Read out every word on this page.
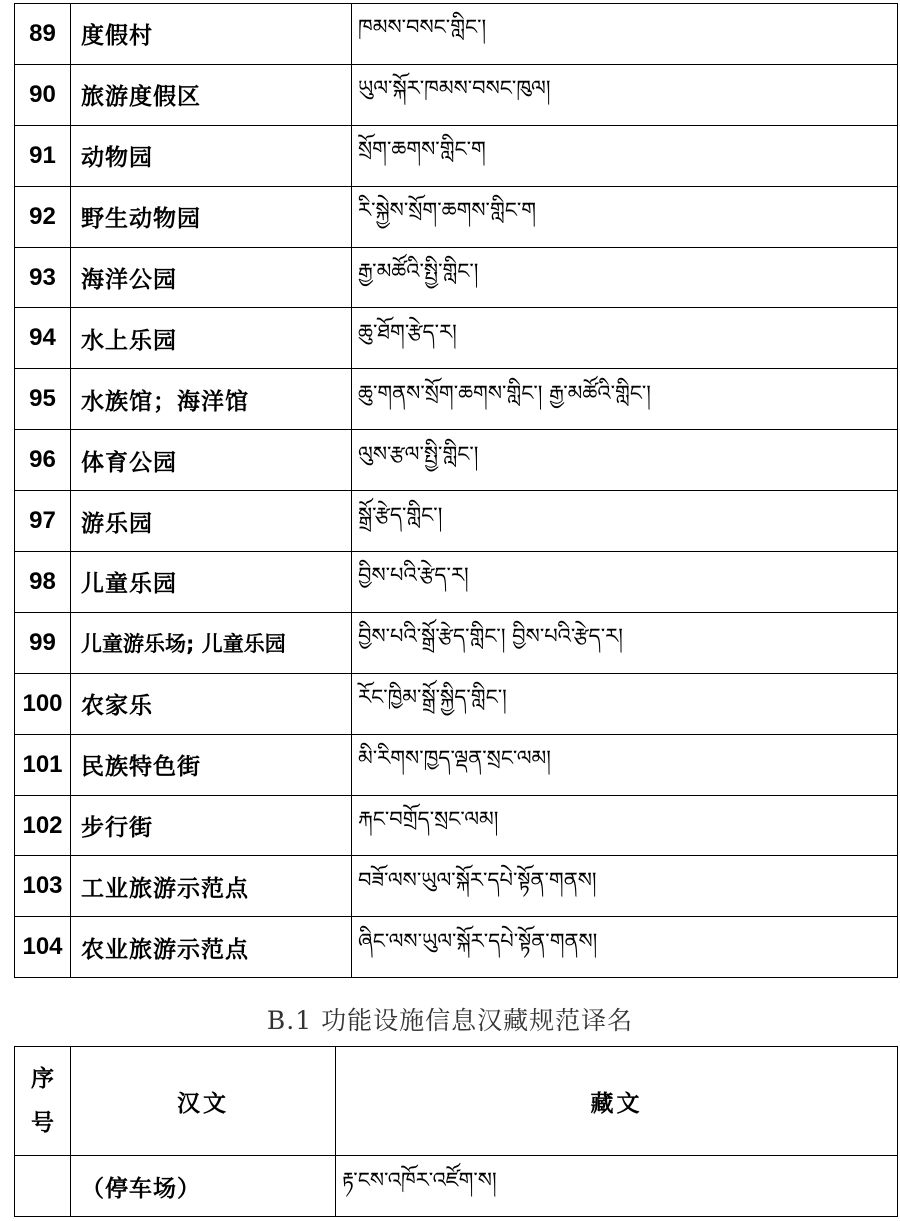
89	度假村	ཁམས་བསང་གླིང་།
90	旅游度假区	ཡུལ་སྐོར་ཁམས་བསང་ཁུལ།
91	动物园	སྲོག་ཆགས་གླིང་ག
92	野生动物园	རི་སྐྱེས་སྲོག་ཆགས་གླིང་ག
93	海洋公园	རྒྱ་མཚོའི་སྤྱི་གླིང་།
94	水上乐园	ཆུ་ཐོག་རྩེད་ར།
95	水族馆；海洋馆	ཆུ་གནས་སྲོག་ཆགས་གླིང་། རྒྱ་མཚོའི་གླིང་།
96	体育公园	ལུས་རྩལ་སྤྱི་གླིང་།
97	游乐园	སྒྲོ་རྩེད་གླིང་།
98	儿童乐园	བྱིས་པའི་རྩེད་ར།
99	儿童游乐场; 儿童乐园	བྱིས་པའི་སྒྲོ་རྩེད་གླིང་། བྱིས་པའི་རྩེད་ར།
100	农家乐	རོང་ཁྱིམ་སྒྲོ་སྐྱིད་གླིང་།
101	民族特色街	མི་རིགས་ཁྱད་ལྡན་སྲང་ལམ།
102	步行街	རྐང་བགྲོད་སྲང་ལམ།
103	工业旅游示范点	བཟོ་ལས་ཡུལ་སྐོར་དཔེ་སྟོན་གནས།
104	农业旅游示范点	ཞིང་ལས་ཡུལ་སྐོར་དཔེ་སྟོན་གནས།
B.1 功能设施信息汉藏规范译名
序
号	汉文	藏文
	（停车场）	རྟ་ངས་འཁོར་འཛོག་ས།
